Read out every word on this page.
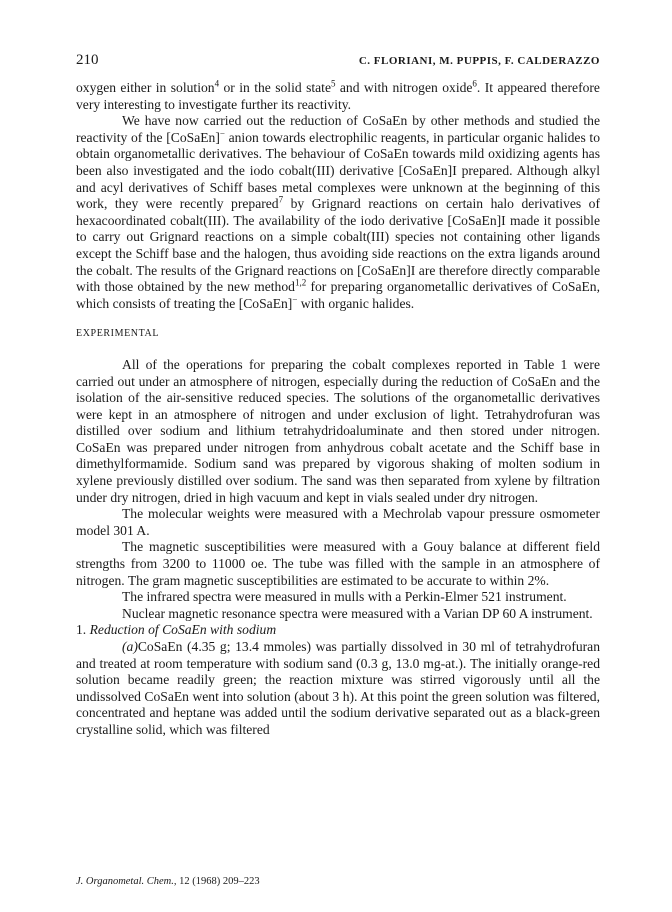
210	C. FLORIANI, M. PUPPIS, F. CALDERAZZO

oxygen either in solution$^4$ or in the solid state$^5$ and with nitrogen oxide$^6$. It appeared therefore very interesting to investigate further its reactivity.

We have now carried out the reduction of CoSaEn by other methods and studied the reactivity of the [CoSaEn]− anion towards electrophilic reagents, in particular organic halides to obtain organometallic derivatives. The behaviour of CoSaEn towards mild oxidizing agents has been also investigated and the iodo cobalt(III) derivative [CoSaEn]I prepared. Although alkyl and acyl derivatives of Schiff bases metal complexes were unknown at the beginning of this work, they were recently prepared$^7$ by Grignard reactions on certain halo derivatives of hexacoordinated cobalt(III). The availability of the iodo derivative [CoSaEn]I made it possible to carry out Grignard reactions on a simple cobalt(III) species not containing other ligands except the Schiff base and the halogen, thus avoiding side reactions on the extra ligands around the cobalt. The results of the Grignard reactions on [CoSaEn]I are therefore directly comparable with those obtained by the new method$^{1,2}$ for preparing organometallic derivatives of CoSaEn, which consists of treating the [CoSaEn]− with organic halides.

EXPERIMENTAL

All of the operations for preparing the cobalt complexes reported in Table 1 were carried out under an atmosphere of nitrogen, especially during the reduction of CoSaEn and the isolation of the air-sensitive reduced species. The solutions of the organometallic derivatives were kept in an atmosphere of nitrogen and under exclusion of light. Tetrahydrofuran was distilled over sodium and lithium tetrahydridoaluminate and then stored under nitrogen. CoSaEn was prepared under nitrogen from anhydrous cobalt acetate and the Schiff base in dimethylformamide. Sodium sand was prepared by vigorous shaking of molten sodium in xylene previously distilled over sodium. The sand was then separated from xylene by filtration under dry nitrogen, dried in high vacuum and kept in vials sealed under dry nitrogen.

The molecular weights were measured with a Mechrolab vapour pressure osmometer model 301 A.

The magnetic susceptibilities were measured with a Gouy balance at different field strengths from 3200 to 11000 oe. The tube was filled with the sample in an atmosphere of nitrogen. The gram magnetic susceptibilities are estimated to be accurate to within 2%.

The infrared spectra were measured in mulls with a Perkin-Elmer 521 instrument.

Nuclear magnetic resonance spectra were measured with a Varian DP 60 A instrument.

1. Reduction of CoSaEn with sodium

(a)CoSaEn (4.35 g; 13.4 mmoles) was partially dissolved in 30 ml of tetrahydrofuran and treated at room temperature with sodium sand (0.3 g, 13.0 mg-at.). The initially orange-red solution became readily green; the reaction mixture was stirred vigorously until all the undissolved CoSaEn went into solution (about 3 h). At this point the green solution was filtered, concentrated and heptane was added until the sodium derivative separated out as a black-green crystalline solid, which was filtered

J. Organometal. Chem., 12 (1968) 209–223
